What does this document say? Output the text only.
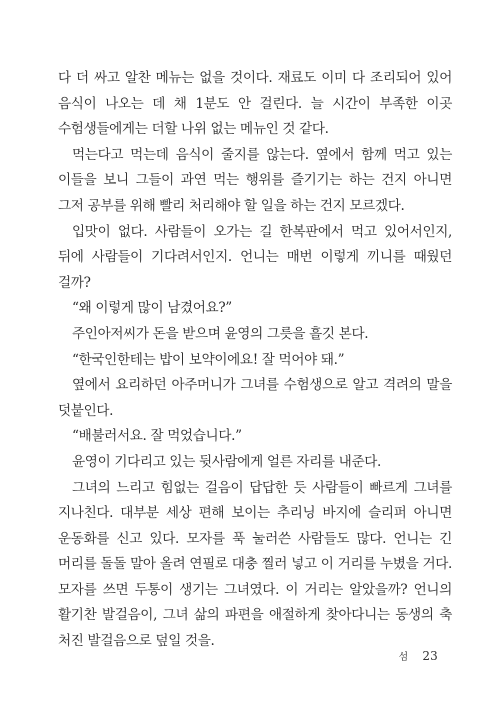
다 더 싸고 알찬 메뉴는 없을 것이다. 재료도 이미 다 조리되어 있어 음식이 나오는 데 채 1분도 안 걸린다. 늘 시간이 부족한 이곳 수험생들에게는 더할 나위 없는 메뉴인 것 같다.

먹는다고 먹는데 음식이 줄지를 않는다. 옆에서 함께 먹고 있는 이들을 보니 그들이 과연 먹는 행위를 즐기기는 하는 건지 아니면 그저 공부를 위해 빨리 처리해야 할 일을 하는 건지 모르겠다.

입맛이 없다. 사람들이 오가는 길 한복판에서 먹고 있어서인지, 뒤에 사람들이 기다려서인지. 언니는 매번 이렇게 끼니를 때웠던 걸까?

“왜 이렇게 많이 남겼어요?”

주인아저씨가 돈을 받으며 윤영의 그릇을 흘깃 본다.

“한국인한테는 밥이 보약이에요! 잘 먹어야 돼.”

옆에서 요리하던 아주머니가 그녀를 수험생으로 알고 격려의 말을 덧붙인다.

“배불러서요. 잘 먹었습니다.”

윤영이 기다리고 있는 뒷사람에게 얼른 자리를 내준다.

그녀의 느리고 힘없는 걸음이 답답한 듯 사람들이 빠르게 그녀를 지나친다. 대부분 세상 편해 보이는 추리닝 바지에 슬리퍼 아니면 운동화를 신고 있다. 모자를 푹 눌러쓴 사람들도 많다. 언니는 긴 머리를 돌돌 말아 올려 연필로 대충 찔러 넣고 이 거리를 누볐을 거다. 모자를 쓰면 두통이 생기는 그녀였다. 이 거리는 알았을까? 언니의 활기찬 발걸음이, 그녀 삶의 파편을 애절하게 찾아다니는 동생의 축 처진 발걸음으로 덮일 것을.

섬 23
